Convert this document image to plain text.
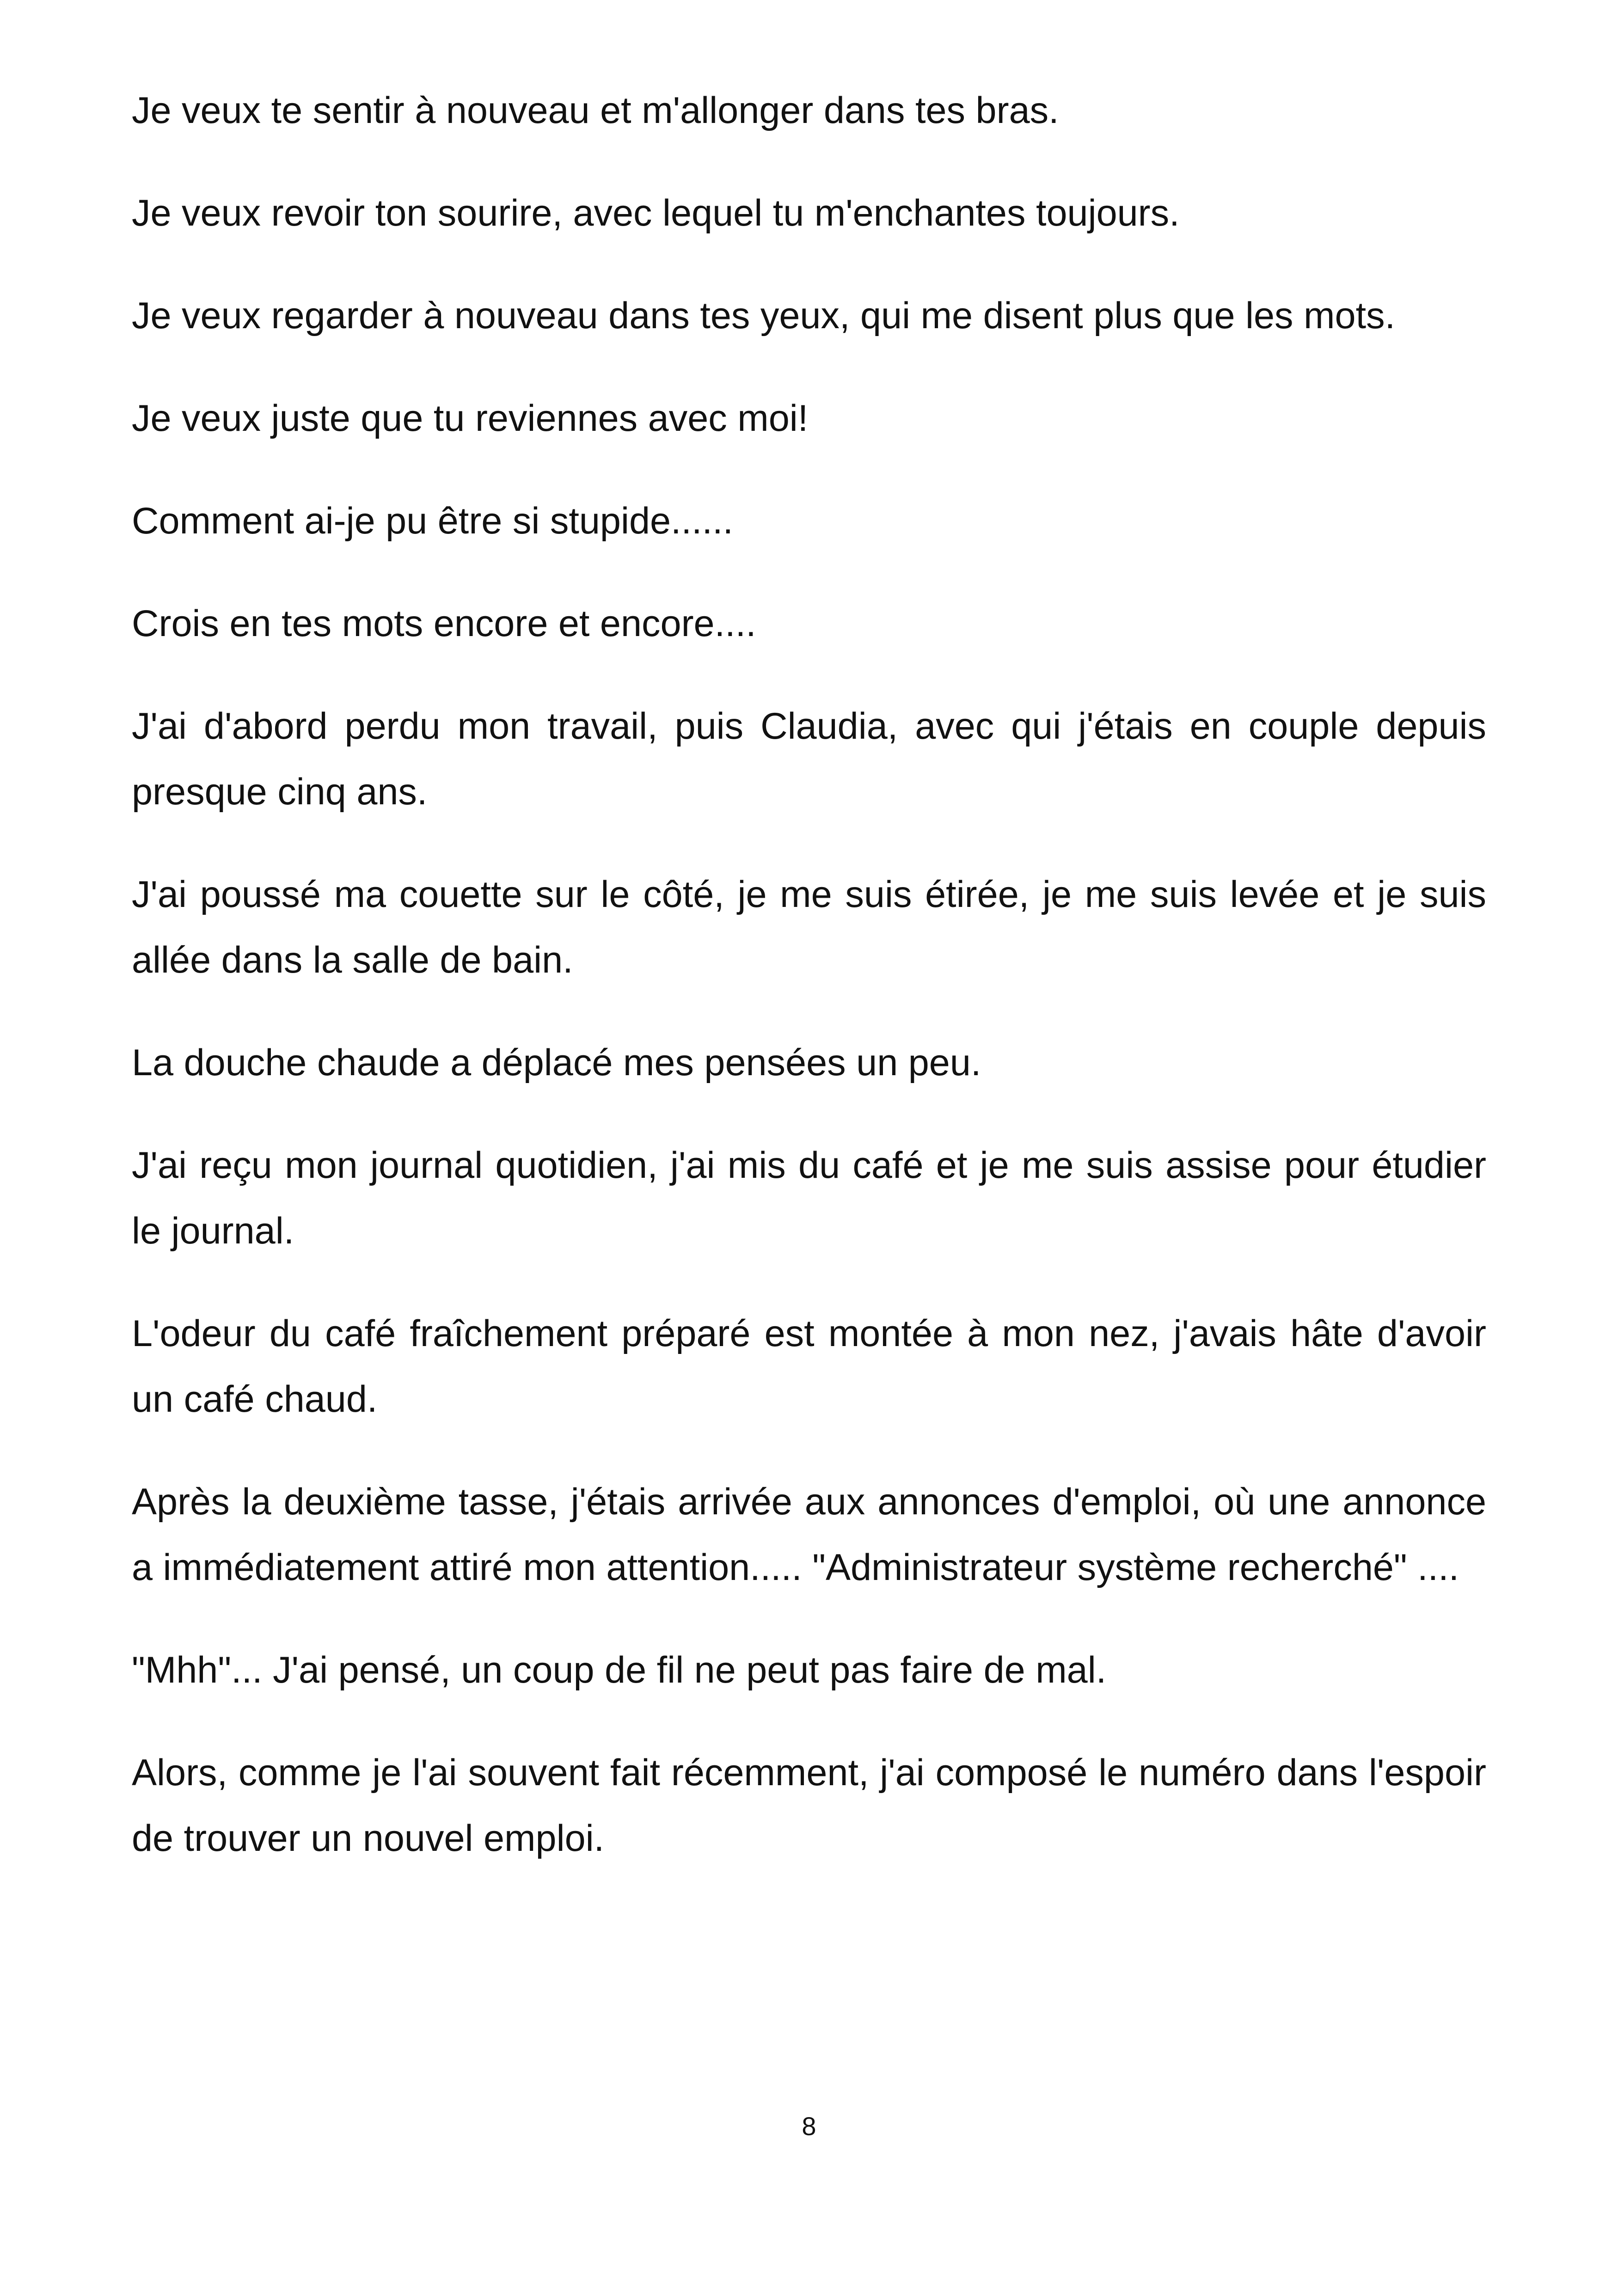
Je veux te sentir à nouveau et m'allonger dans tes bras.

Je veux revoir ton sourire, avec lequel tu m'enchantes toujours.

Je veux regarder à nouveau dans tes yeux, qui me disent plus que les mots.

Je veux juste que tu reviennes avec moi!

Comment ai-je pu être si stupide......

Crois en tes mots encore et encore....

J'ai d'abord perdu mon travail, puis Claudia, avec qui j'étais en couple depuis presque cinq ans.

J'ai poussé ma couette sur le côté, je me suis étirée, je me suis levée et je suis allée dans la salle de bain.

La douche chaude a déplacé mes pensées un peu.

J'ai reçu mon journal quotidien, j'ai mis du café et je me suis assise pour étudier le journal.

L'odeur du café fraîchement préparé est montée à mon nez, j'avais hâte d'avoir un café chaud.

Après la deuxième tasse, j'étais arrivée aux annonces d'emploi, où une annonce a immédiatement attiré mon attention..... "Administrateur système recherché" ....

"Mhh"... J'ai pensé, un coup de fil ne peut pas faire de mal.

Alors, comme je l'ai souvent fait récemment, j'ai composé le numéro dans l'espoir de trouver un nouvel emploi.

8
